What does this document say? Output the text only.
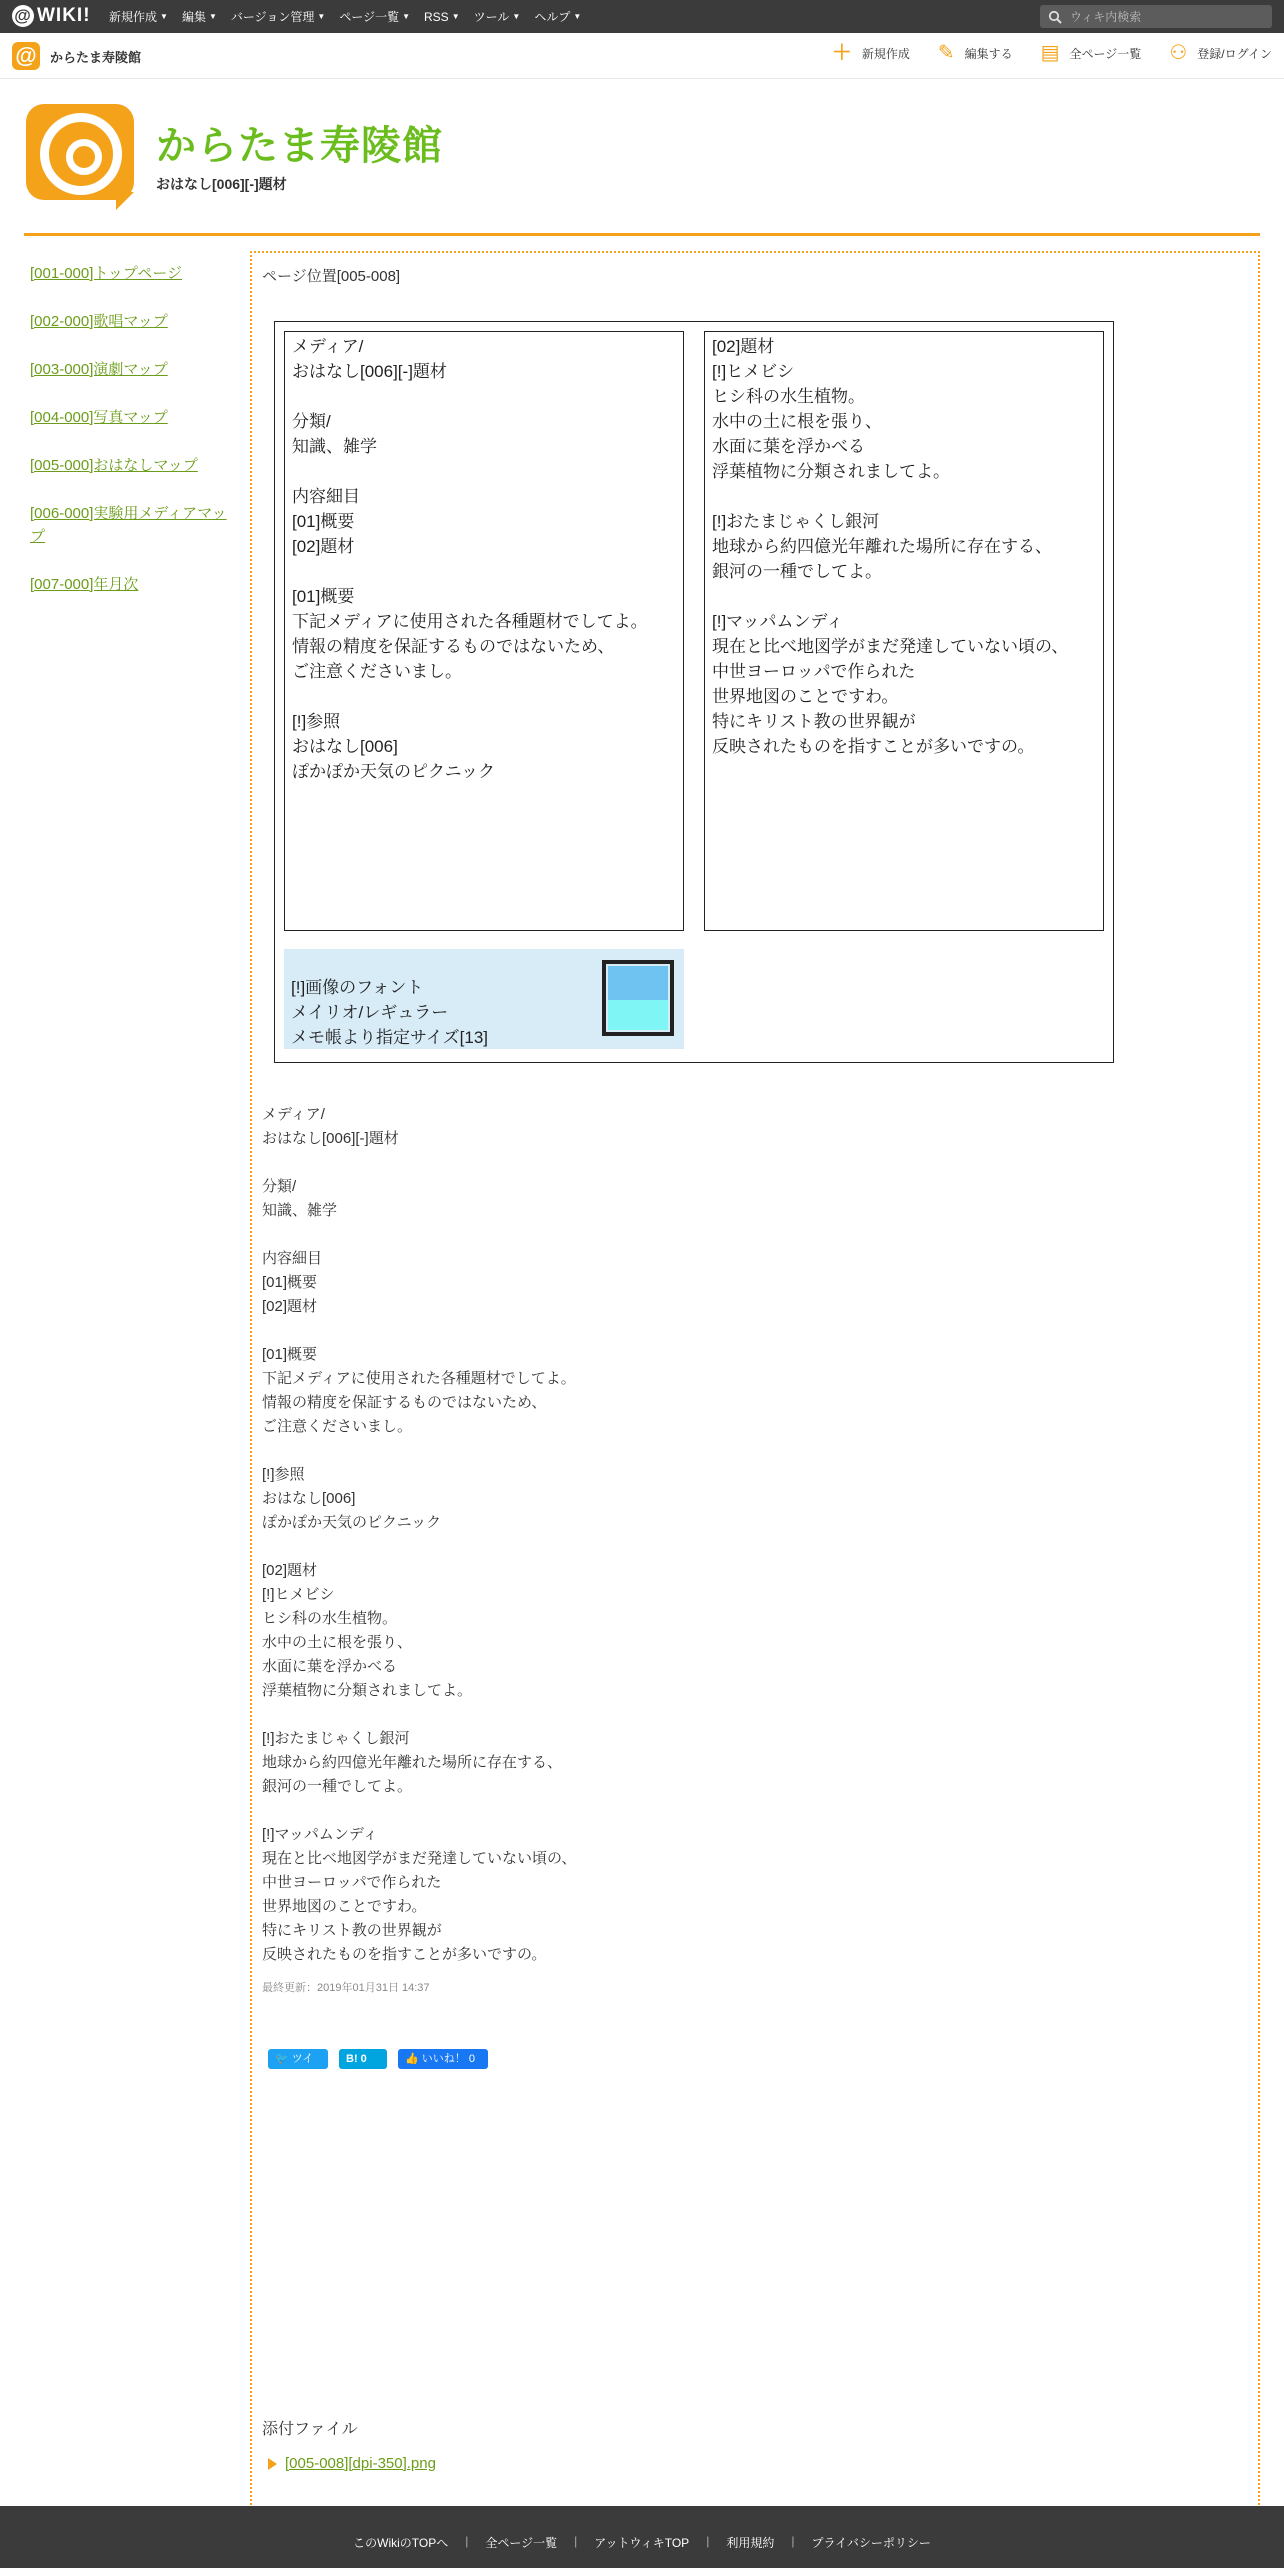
@ WIKI! 新規作成 ▼ 編集 ▼ バージョン管理 ▼ ページ一覧 ▼ RSS ▼ ツール ▼ ヘルプ ▼
ウィキ内検索
@ からたま寿陵館	＋ 新規作成 ✎ 編集する ▤ 全ページ一覧 ⚇ 登録/ログイン
からたま寿陵館
おはなし[006][-]題材
[001-000]トップページ
[002-000]歌唱マップ
[003-000]演劇マップ
[004-000]写真マップ
[005-000]おはなしマップ
[006-000]実験用メディアマップ
[007-000]年月次
ページ位置[005-008]
メディア/
おはなし[006][-]題材

分類/
知識、雑学

内容細目
[01]概要
[02]題材

[01]概要
下記メディアに使用された各種題材でしてよ。
情報の精度を保証するものではないため、
ご注意くださいまし。

[!]参照
おはなし[006]
ぽかぽか天気のピクニック
[02]題材
[!]ヒメビシ
ヒシ科の水生植物。
水中の土に根を張り、
水面に葉を浮かべる
浮葉植物に分類されましてよ。

[!]おたまじゃくし銀河
地球から約四億光年離れた場所に存在する、
銀河の一種でしてよ。

[!]マッパムンディ
現在と比べ地図学がまだ発達していない頃の、
中世ヨーロッパで作られた
世界地図のことですわ。
特にキリスト教の世界観が
反映されたものを指すことが多いですの。

[!]画像のフォント
メイリオ/レギュラー
メモ帳より指定サイズ[13]

メディア/
おはなし[006][-]題材

分類/
知識、雑学

内容細目
[01]概要
[02]題材

[01]概要
下記メディアに使用された各種題材でしてよ。
情報の精度を保証するものではないため、
ご注意くださいまし。

[!]参照
おはなし[006]
ぽかぽか天気のピクニック

[02]題材
[!]ヒメビシ
ヒシ科の水生植物。
水中の土に根を張り、
水面に葉を浮かべる
浮葉植物に分類されましてよ。

[!]おたまじゃくし銀河
地球から約四億光年離れた場所に存在する、
銀河の一種でしてよ。

[!]マッパムンディ
現在と比べ地図学がまだ発達していない頃の、
中世ヨーロッパで作られた
世界地図のことですわ。
特にキリスト教の世界観が
反映されたものを指すことが多いですの。
最終更新：2019年01月31日 14:37
🐦 ツイート
B! 0	👍 いいね！ 0
添付ファイル
[005-008][dpi-350].png
このWikiのTOPへ	|	全ページ一覧	|	アットウィキTOP	|	利用規約	|	プライバシーポリシー
